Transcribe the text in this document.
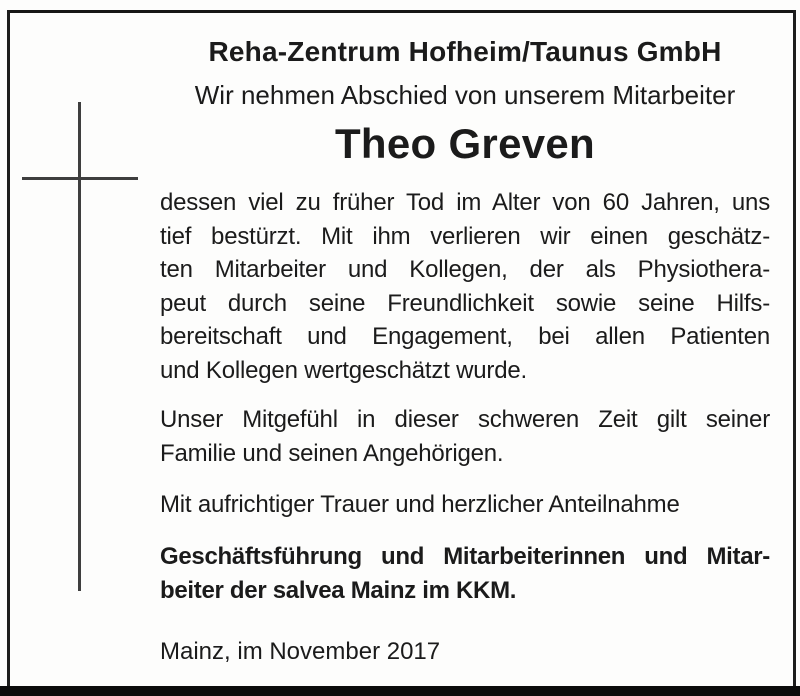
Reha-Zentrum Hofheim/Taunus GmbH
Wir nehmen Abschied von unserem Mitarbeiter
Theo Greven
dessen viel zu früher Tod im Alter von 60 Jahren, uns
tief bestürzt. Mit ihm verlieren wir einen geschätz-
ten Mitarbeiter und Kollegen, der als Physiothera-
peut durch seine Freundlichkeit sowie seine Hilfs-
bereitschaft und Engagement, bei allen Patienten
und Kollegen wertgeschätzt wurde.
Unser Mitgefühl in dieser schweren Zeit gilt seiner
Familie und seinen Angehörigen.
Mit aufrichtiger Trauer und herzlicher Anteilnahme
Geschäftsführung und Mitarbeiterinnen und Mitar-
beiter der salvea Mainz im KKM.
Mainz, im November 2017
